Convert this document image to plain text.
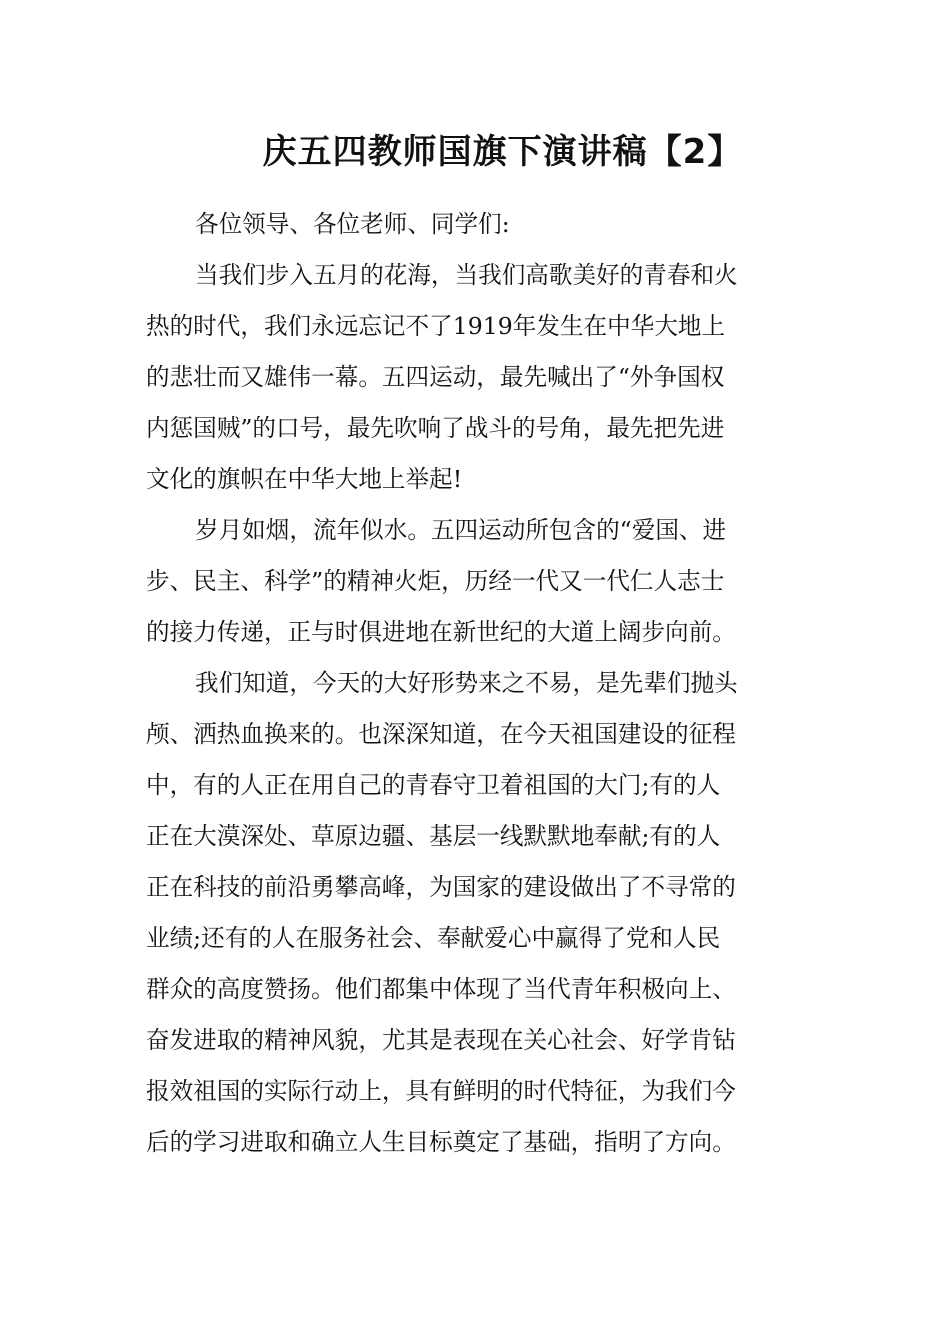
庆五四教师国旗下演讲稿【2】
各位领导、各位老师、同学们:
当我们步入五月的花海，当我们高歌美好的青春和火
热的时代，我们永远忘记不了1919年发生在中华大地上
的悲壮而又雄伟一幕。五四运动，最先喊出了“外争国权
内惩国贼”的口号，最先吹响了战斗的号角，最先把先进
文化的旗帜在中华大地上举起!
岁月如烟，流年似水。五四运动所包含的“爱国、进
步、民主、科学”的精神火炬，历经一代又一代仁人志士
的接力传递，正与时俱进地在新世纪的大道上阔步向前。
我们知道，今天的大好形势来之不易，是先辈们抛头
颅、洒热血换来的。也深深知道，在今天祖国建设的征程
中，有的人正在用自己的青春守卫着祖国的大门;有的人
正在大漠深处、草原边疆、基层一线默默地奉献;有的人
正在科技的前沿勇攀高峰，为国家的建设做出了不寻常的
业绩;还有的人在服务社会、奉献爱心中赢得了党和人民
群众的高度赞扬。他们都集中体现了当代青年积极向上、
奋发进取的精神风貌，尤其是表现在关心社会、好学肯钻
报效祖国的实际行动上，具有鲜明的时代特征，为我们今
后的学习进取和确立人生目标奠定了基础，指明了方向。
